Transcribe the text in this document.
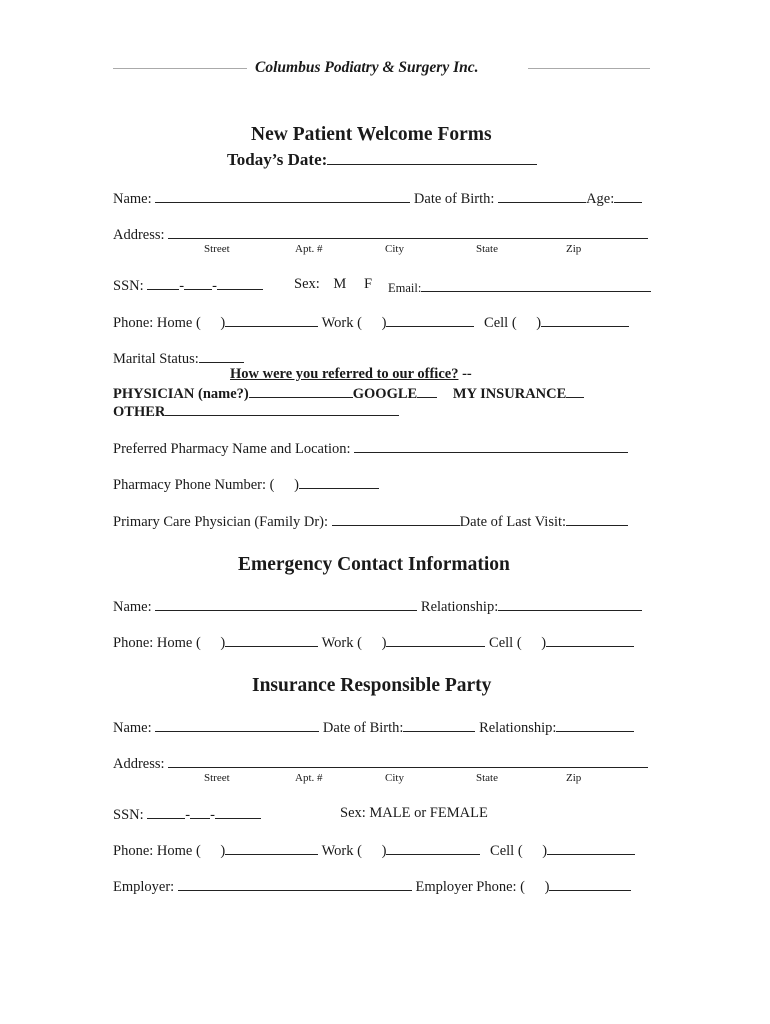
Columbus Podiatry & Surgery Inc.
New Patient Welcome Forms
Today’s Date:
Name:	Date of Birth:	Age:
Address:
Street	Apt. #	City	State	Zip
SSN: - -	Sex: M F Email:
Phone: Home ( )	Work ( )	Cell ( )
Marital Status:
How were you referred to our office? --
PHYSICIAN (name?)	GOOGLE MY INSURANCE
OTHER
Preferred Pharmacy Name and Location:
Pharmacy Phone Number: ( )
Primary Care Physician (Family Dr):	Date of Last Visit:
Emergency Contact Information
Name:	Relationship:
Phone: Home ( )	Work ( )	Cell ( )
Insurance Responsible Party
Name:	Date of Birth:	Relationship:
Address:
Street	Apt. #	City	State	Zip
SSN:	- -	Sex: MALE or FEMALE
Phone: Home ( )	Work ( )	Cell ( )
Employer:	Employer Phone: ( )
